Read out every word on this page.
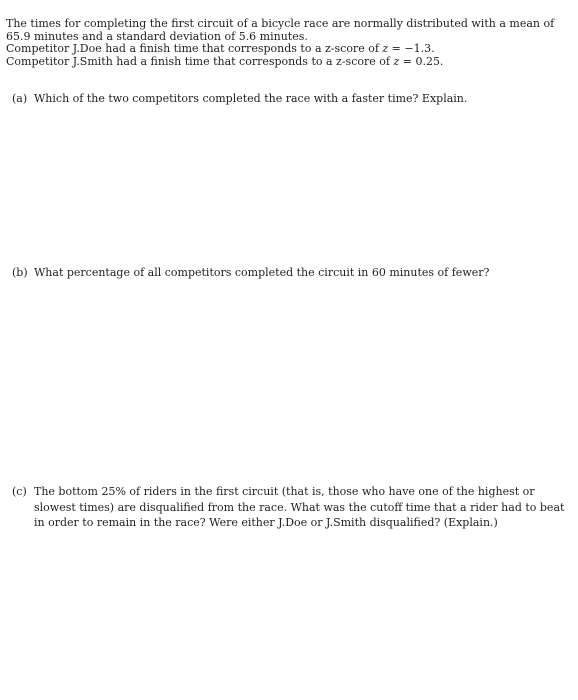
The times for completing the first circuit of a bicycle race are normally distributed with a mean of 65.9 minutes and a standard deviation of 5.6 minutes.

Competitor J.Doe had a finish time that corresponds to a z-score of z = −1.3.

Competitor J.Smith had a finish time that corresponds to a z-score of z = 0.25.

(a) Which of the two competitors completed the race with a faster time? Explain.
(b) What percentage of all competitors completed the circuit in 60 minutes of fewer?
(c) The bottom 25% of riders in the first circuit (that is, those who have one of the highest or slowest times) are disqualified from the race. What was the cutoff time that a rider had to beat in order to remain in the race? Were either J.Doe or J.Smith disqualified? (Explain.)
